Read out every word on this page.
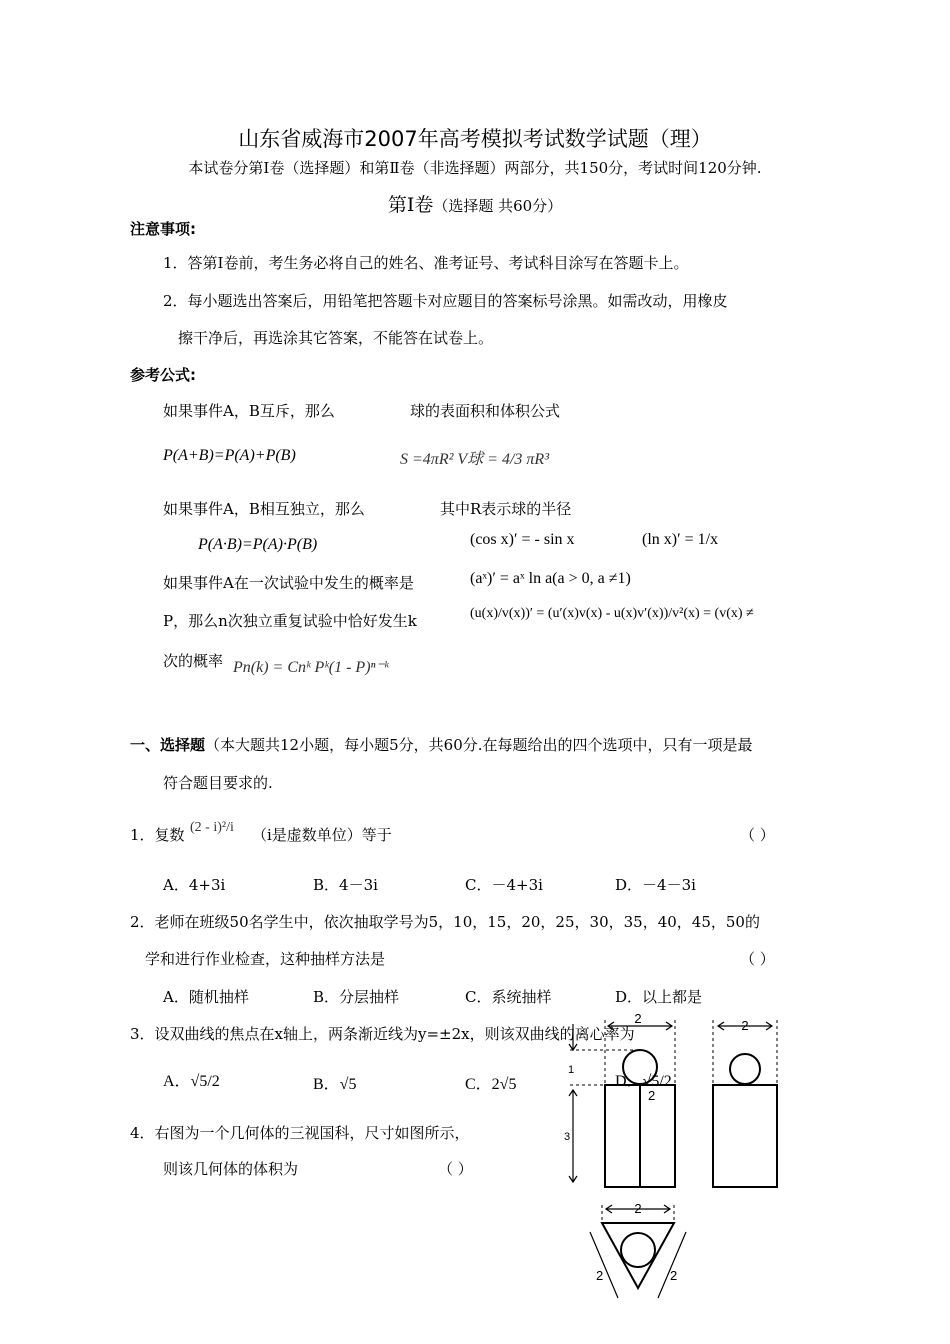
山东省威海市2007年高考模拟考试数学试题（理）
本试卷分第Ⅰ卷（选择题）和第Ⅱ卷（非选择题）两部分，共150分，考试时间120分钟.
第Ⅰ卷（选择题 共60分）
注意事项:
1．答第Ⅰ卷前，考生务必将自己的姓名、准考证号、考试科目涂写在答题卡上。
2．每小题选出答案后，用铅笔把答题卡对应题目的答案标号涂黑。如需改动，用橡皮
擦干净后，再选涂其它答案，不能答在试卷上。
参考公式:
如果事件A，B互斥，那么	球的表面积和体积公式
P(A+B)=P(A)+P(B)	S =4πR² V球 = 4/3 πR³
如果事件A，B相互独立，那么	其中R表示球的半径
P(A·B)=P(A)·P(B)	(cos x)′ = - sin x	(ln x)′ = 1/x
如果事件A在一次试验中发生的概率是	(aˣ)′ = aˣ ln a(a > 0, a ≠1)
P，那么n次独立重复试验中恰好发生k	(u(x)/v(x))′ = (u′(x)v(x) - u(x)v′(x))/v²(x) = (v(x) ≠
次的概率 Pn(k) = Cnᵏ Pᵏ(1 - P)ⁿ⁻ᵏ
一、选择题（本大题共12小题，每小题5分，共60分.在每题给出的四个选项中，只有一项是最
符合题目要求的.
1．复数 (2 - i)²/i （i是虚数单位）等于	（ ）
A．4+3i	B．4－3i	C．－4+3i	D．－4－3i
2．老师在班级50名学生中，依次抽取学号为5，10，15，20，25，30，35，40，45，50的
学和进行作业检查，这种抽样方法是	（ ）
A．随机抽样	B．分层抽样	C．系统抽样	D．以上都是
3．设双曲线的焦点在x轴上，两条渐近线为y=±2x，则该双曲线的离心率为
A．√5/2	B．√5	C．2√5	D．√5/2
4．右图为一个几何体的三视国科，尺寸如图所示，
则该几何体的体积为	（ ）
2	2
1
3
2
2
2	2
